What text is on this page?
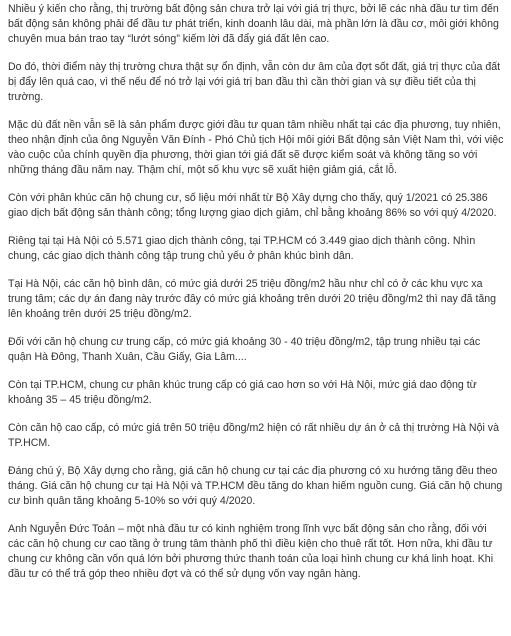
Nhiều ý kiến cho rằng, thị trường bất động sản chưa trở lại với giá trị thực, bởi lẽ các nhà đầu tư tìm đến bất động sản không phải để đầu tư phát triển, kinh doanh lâu dài, mà phần lớn là đầu cơ, môi giới không chuyên mua bán trao tay “lướt sóng” kiếm lời đã đẩy giá đất lên cao.

Do đó, thời điểm này thị trường chưa thật sự ổn định, vẫn còn dư âm của đợt sốt đất, giá trị thực của đất bị đẩy lên quá cao, vì thế nếu để nó trở lại với giá trị ban đầu thì cần thời gian và sự điều tiết của thị trường.

Mặc dù đất nền vẫn sẽ là sản phẩm được giới đầu tư quan tâm nhiều nhất tại các địa phương, tuy nhiên, theo nhận định của ông Nguyễn Văn Đính - Phó Chủ tịch Hội môi giới Bất động sản Việt Nam thì, với việc vào cuộc của chính quyền địa phương, thời gian tới giá đất sẽ được kiểm soát và không tăng so với những tháng đầu năm nay. Thậm chí, một số khu vực sẽ xuất hiện giảm giá, cắt lỗ.

Còn với phân khúc căn hộ chung cư, số liệu mới nhất từ Bộ Xây dựng cho thấy, quý 1/2021 có 25.386 giao dịch bất động sản thành công; tổng lượng giao dịch giảm, chỉ bằng khoảng 86% so với quý 4/2020.

Riêng tại tại Hà Nội có 5.571 giao dịch thành công, tại TP.HCM có 3.449 giao dịch thành công. Nhìn chung, các giao dịch thành công tập trung chủ yếu ở phân khúc bình dân.

Tại Hà Nội, các căn hộ bình dân, có mức giá dưới 25 triệu đồng/m2 hầu như chỉ có ở các khu vực xa trung tâm; các dự án đang này trước đây có mức giá khoảng trên dưới 20 triệu đồng/m2 thì nay đã tăng lên khoảng trên dưới 25 triệu đồng/m2.

Đối với căn hộ chung cư trung cấp, có mức giá khoảng 30 - 40 triệu đồng/m2, tập trung nhiều tại các quận Hà Đông, Thanh Xuân, Cầu Giấy, Gia Lâm....

Còn tại TP.HCM, chung cư phân khúc trung cấp có giá cao hơn so với Hà Nội, mức giá dao động từ khoảng 35 – 45 triệu đồng/m2.

Còn căn hộ cao cấp, có mức giá trên 50 triệu đồng/m2 hiện có rất nhiều dự án ở cả thị trường Hà Nội và TP.HCM.

Đáng chú ý, Bộ Xây dựng cho rằng, giá căn hộ chung cư tại các địa phương có xu hướng tăng đều theo tháng. Giá căn hộ chung cư tại Hà Nội và TP.HCM đều tăng do khan hiếm nguồn cung. Giá căn hộ chung cư bình quân tăng khoảng 5-10% so với quý 4/2020.

Anh Nguyễn Đức Toản – một nhà đầu tư có kinh nghiệm trong lĩnh vực bất động sản cho rằng, đối với các căn hộ chung cư cao tầng ở trung tâm thành phố thì điều kiện cho thuê rất tốt. Hơn nữa, khi đầu tư chung cư không cần vốn quá lớn bởi phương thức thanh toán của loại hình chung cư khá linh hoạt. Khi đầu tư có thể trả góp theo nhiều đợt và có thể sử dụng vốn vay ngân hàng.
